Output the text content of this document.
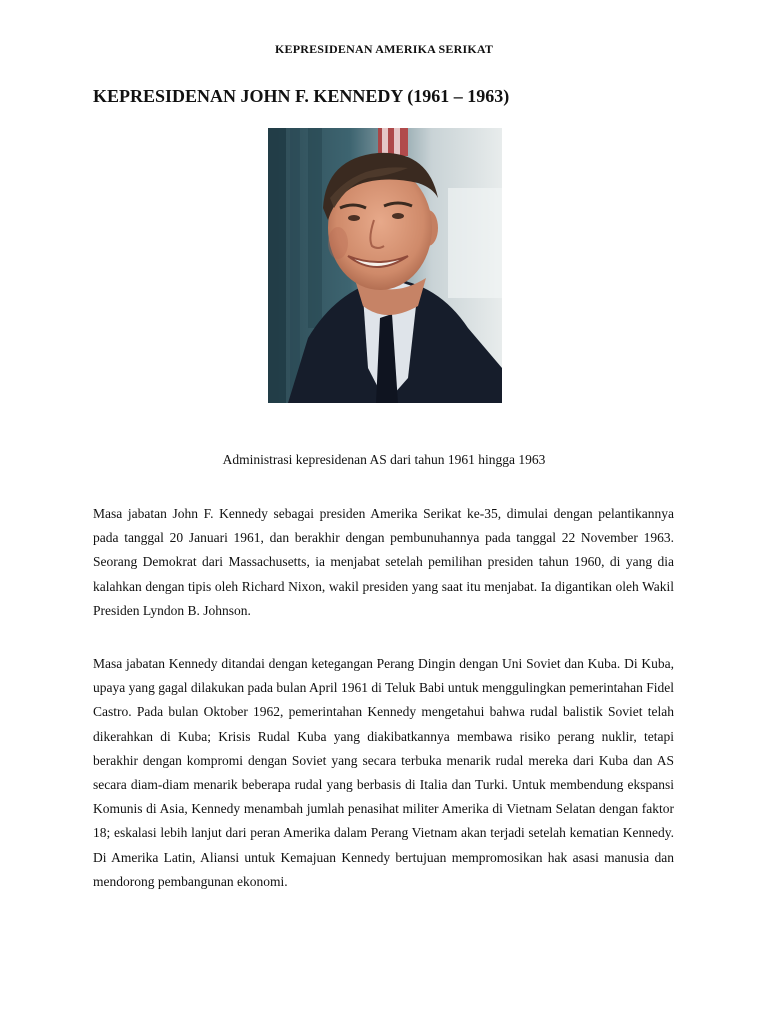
KEPRESIDENAN AMERIKA SERIKAT
KEPRESIDENAN JOHN F. KENNEDY (1961 – 1963)
Administrasi kepresidenan AS dari tahun 1961 hingga 1963

Masa jabatan John F. Kennedy sebagai presiden Amerika Serikat ke-35, dimulai dengan pelantikannya pada tanggal 20 Januari 1961, dan berakhir dengan pembunuhannya pada tanggal 22 November 1963. Seorang Demokrat dari Massachusetts, ia menjabat setelah pemilihan presiden tahun 1960, di yang dia kalahkan dengan tipis oleh Richard Nixon, wakil presiden yang saat itu menjabat. Ia digantikan oleh Wakil Presiden Lyndon B. Johnson.

Masa jabatan Kennedy ditandai dengan ketegangan Perang Dingin dengan Uni Soviet dan Kuba. Di Kuba, upaya yang gagal dilakukan pada bulan April 1961 di Teluk Babi untuk menggulingkan pemerintahan Fidel Castro. Pada bulan Oktober 1962, pemerintahan Kennedy mengetahui bahwa rudal balistik Soviet telah dikerahkan di Kuba; Krisis Rudal Kuba yang diakibatkannya membawa risiko perang nuklir, tetapi berakhir dengan kompromi dengan Soviet yang secara terbuka menarik rudal mereka dari Kuba dan AS secara diam-diam menarik beberapa rudal yang berbasis di Italia dan Turki. Untuk membendung ekspansi Komunis di Asia, Kennedy menambah jumlah penasihat militer Amerika di Vietnam Selatan dengan faktor 18; eskalasi lebih lanjut dari peran Amerika dalam Perang Vietnam akan terjadi setelah kematian Kennedy. Di Amerika Latin, Aliansi untuk Kemajuan Kennedy bertujuan mempromosikan hak asasi manusia dan mendorong pembangunan ekonomi.
